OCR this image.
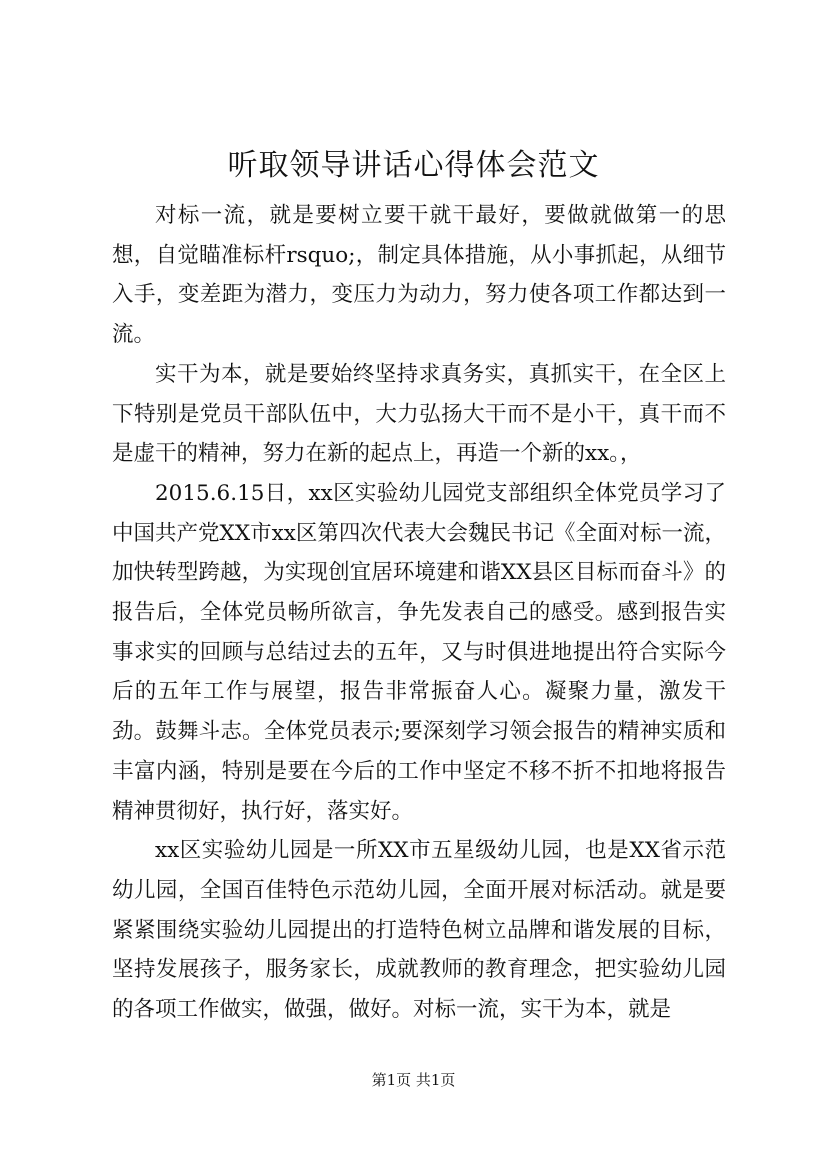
听取领导讲话心得体会范文

对标一流，就是要树立要干就干最好，要做就做第一的思想，自觉瞄准标杆rsquo;，制定具体措施，从小事抓起，从细节入手，变差距为潜力，变压力为动力，努力使各项工作都达到一流。

实干为本，就是要始终坚持求真务实，真抓实干，在全区上下特别是党员干部队伍中，大力弘扬大干而不是小干，真干而不是虚干的精神，努力在新的起点上，再造一个新的xx。，

2015.6.15日，xx区实验幼儿园党支部组织全体党员学习了中国共产党XX市xx区第四次代表大会魏民书记《全面对标一流，加快转型跨越，为实现创宜居环境建和谐XX县区目标而奋斗》的报告后，全体党员畅所欲言，争先发表自己的感受。感到报告实事求实的回顾与总结过去的五年，又与时俱进地提出符合实际今后的五年工作与展望，报告非常振奋人心。凝聚力量，激发干劲。鼓舞斗志。全体党员表示;要深刻学习领会报告的精神实质和丰富内涵，特别是要在今后的工作中坚定不移不折不扣地将报告精神贯彻好，执行好，落实好。

xx区实验幼儿园是一所XX市五星级幼儿园，也是XX省示范幼儿园，全国百佳特色示范幼儿园，全面开展对标活动。就是要紧紧围绕实验幼儿园提出的打造特色树立品牌和谐发展的目标，坚持发展孩子，服务家长，成就教师的教育理念，把实验幼儿园的各项工作做实，做强，做好。对标一流，实干为本，就是

第1页 共1页
